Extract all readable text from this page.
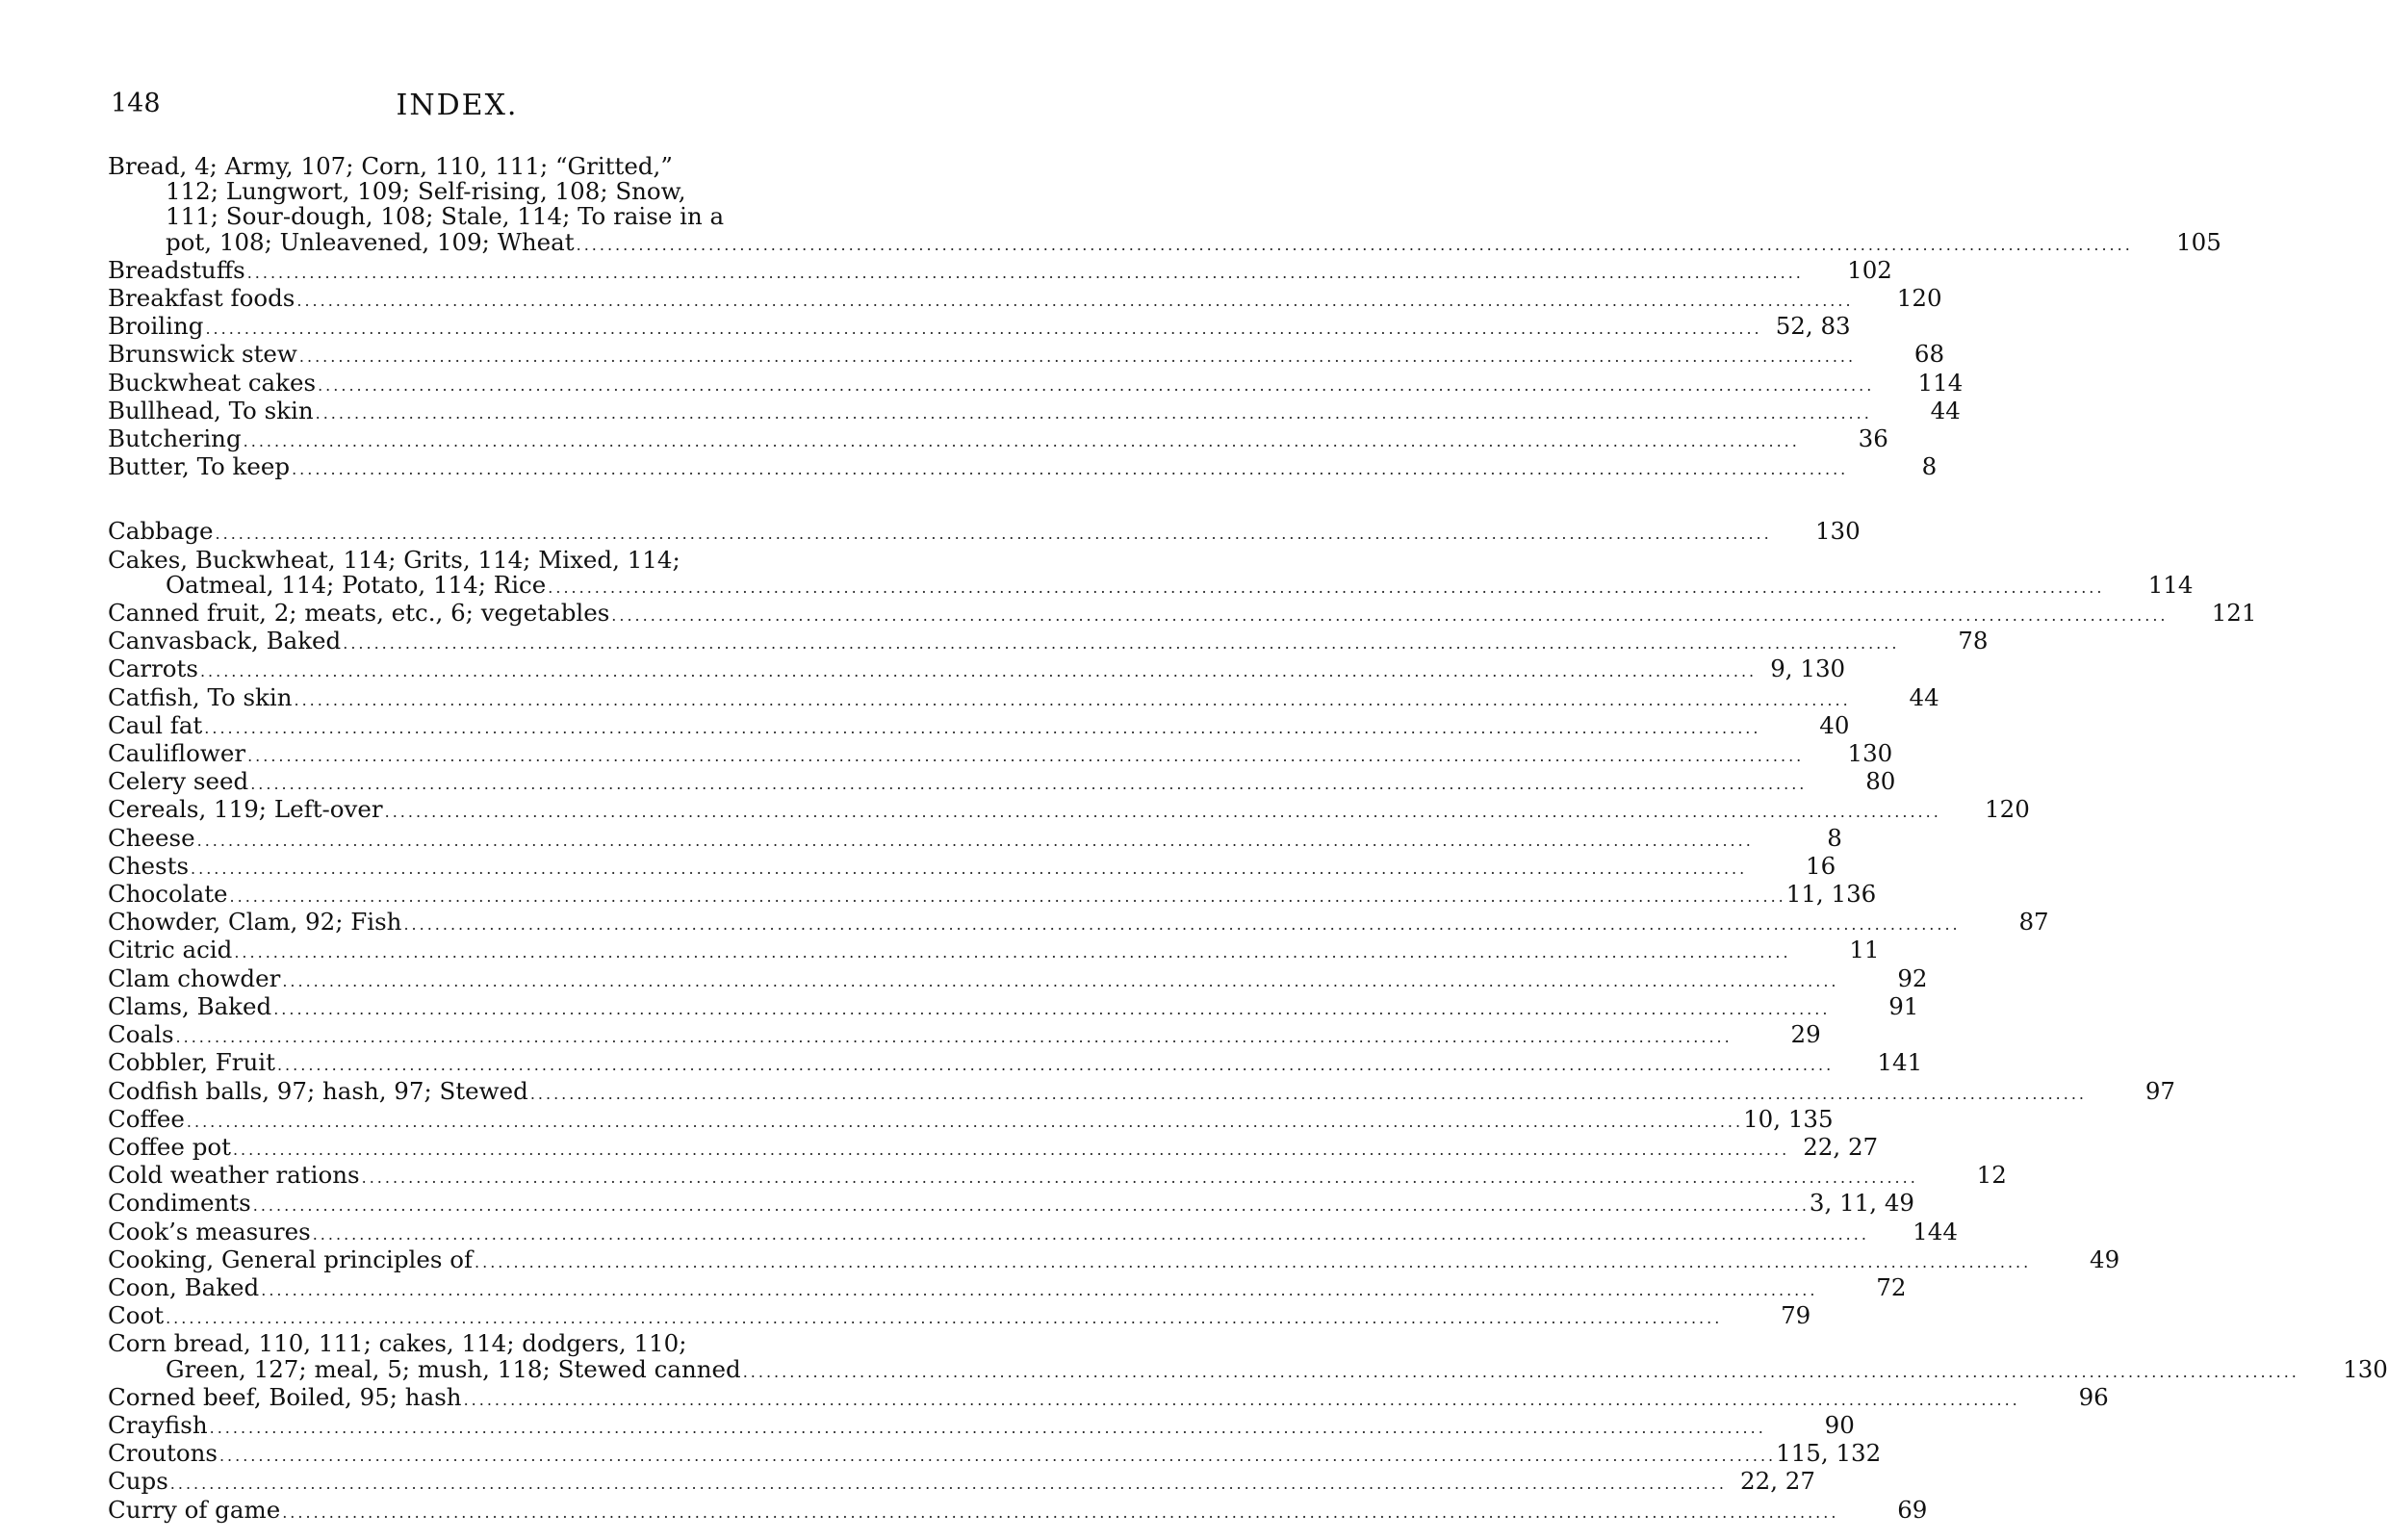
148	INDEX.
Bread, 4; Army, 107; Corn, 110, 111; “Gritted,”
112; Lungwort, 109; Self-rising, 108; Snow,
111; Sour-dough, 108; Stale, 114; To raise in a
pot, 108; Unleavened, 109; Wheat ........................................................................................................................................................................................................	105
Breadstuffs ........................................................................................................................................................................................................	102
Breakfast foods ........................................................................................................................................................................................................	120
Broiling ........................................................................................................................................................................................................ 52, 83
Brunswick stew ........................................................................................................................................................................................................	68
Buckwheat cakes ........................................................................................................................................................................................................	114
Bullhead, To skin ........................................................................................................................................................................................................	44
Butchering ........................................................................................................................................................................................................	36
Butter, To keep ........................................................................................................................................................................................................	8
Cabbage ........................................................................................................................................................................................................	130
Cakes, Buckwheat, 114; Grits, 114; Mixed, 114;
Oatmeal, 114; Potato, 114; Rice ........................................................................................................................................................................................................	114
Canned fruit, 2; meats, etc., 6; vegetables ........................................................................................................................................................................................................	121
Canvasback, Baked ........................................................................................................................................................................................................	78
Carrots ........................................................................................................................................................................................................ 9, 130
Catfish, To skin ........................................................................................................................................................................................................	44
Caul fat ........................................................................................................................................................................................................	40
Cauliflower ........................................................................................................................................................................................................	130
Celery seed ........................................................................................................................................................................................................	80
Cereals, 119; Left-over ........................................................................................................................................................................................................	120
Cheese ........................................................................................................................................................................................................	8
Chests ........................................................................................................................................................................................................	16
Chocolate ........................................................................................................................................................................................................ 11, 136
Chowder, Clam, 92; Fish ........................................................................................................................................................................................................	87
Citric acid ........................................................................................................................................................................................................	11
Clam chowder ........................................................................................................................................................................................................	92
Clams, Baked ........................................................................................................................................................................................................	91
Coals ........................................................................................................................................................................................................	29
Cobbler, Fruit ........................................................................................................................................................................................................	141
Codfish balls, 97; hash, 97; Stewed ........................................................................................................................................................................................................	97
Coffee ........................................................................................................................................................................................................ 10, 135
Coffee pot ........................................................................................................................................................................................................ 22, 27
Cold weather rations ........................................................................................................................................................................................................	12
Condiments ........................................................................................................................................................................................................ 3, 11, 49
Cook’s measures ........................................................................................................................................................................................................	144
Cooking, General principles of ........................................................................................................................................................................................................	49
Coon, Baked ........................................................................................................................................................................................................	72
Coot ........................................................................................................................................................................................................	79
Corn bread, 110, 111; cakes, 114; dodgers, 110;
Green, 127; meal, 5; mush, 118; Stewed canned ........................................................................................................................................................................................................	130
Corned beef, Boiled, 95; hash ........................................................................................................................................................................................................	96
Crayfish ........................................................................................................................................................................................................	90
Croutons ........................................................................................................................................................................................................ 115, 132
Cups ........................................................................................................................................................................................................ 22, 27
Curry of game ........................................................................................................................................................................................................	69
